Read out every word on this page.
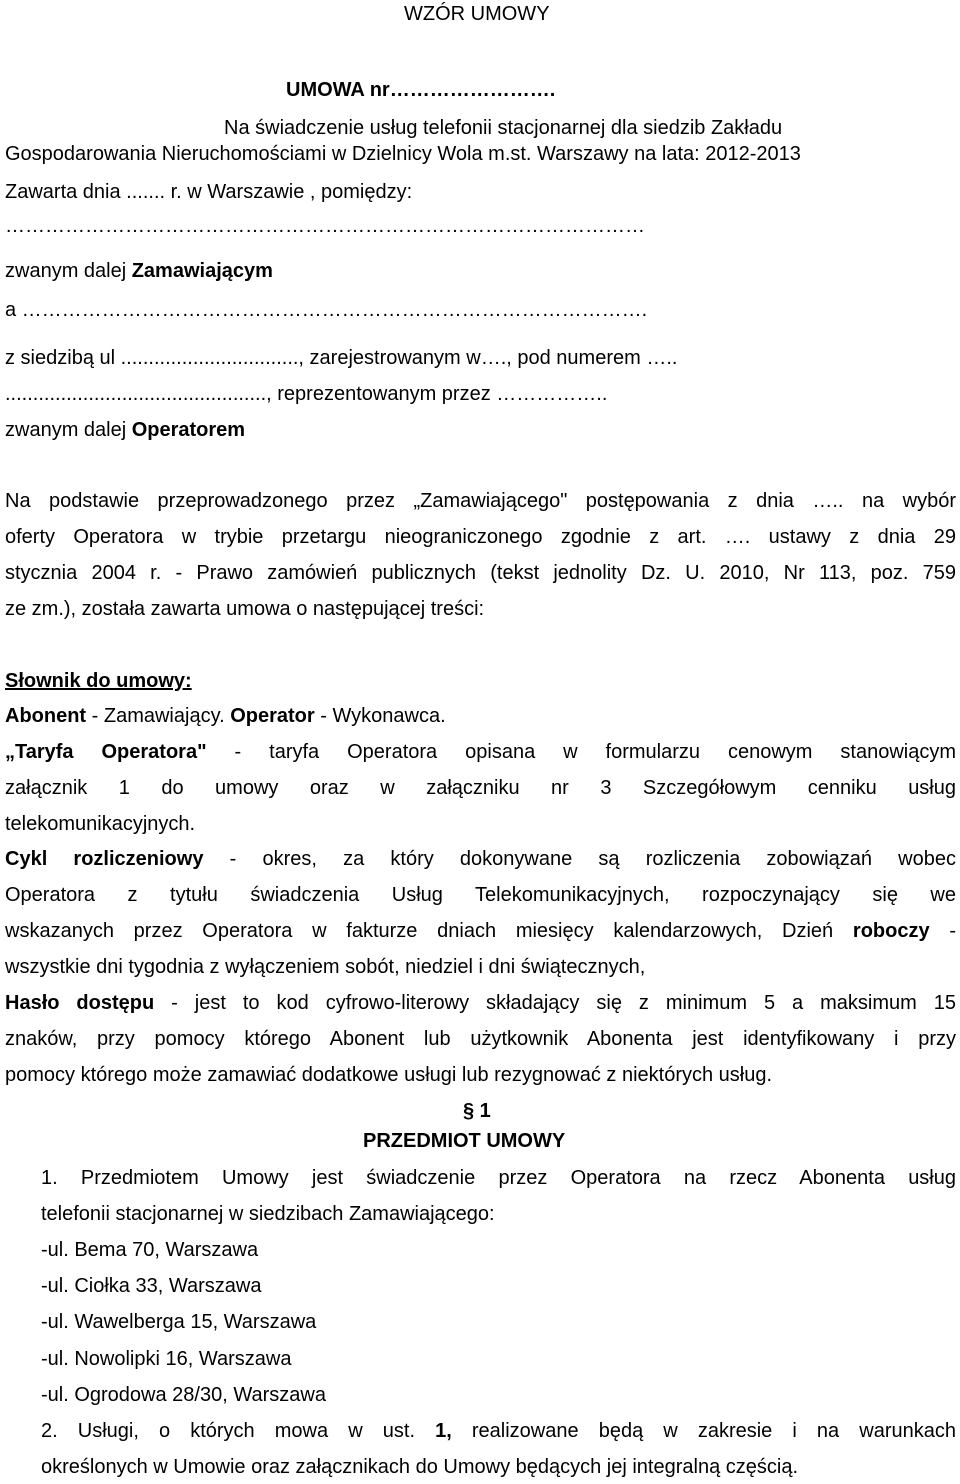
WZÓR UMOWY
UMOWA nr…………………….
Na świadczenie usług telefonii stacjonarnej dla siedzib Zakładu
Gospodarowania Nieruchomościami w Dzielnicy Wola m.st. Warszawy na lata: 2012-2013
Zawarta dnia ....... r. w Warszawie , pomiędzy:
……………………………………………………………………………………
zwanym dalej Zamawiającym
a ………………………………………………………………………………….
z siedzibą ul ................................, zarejestrowanym w…., pod numerem …..
..............................................., reprezentowanym przez ……………..
zwanym dalej Operatorem
Na podstawie przeprowadzonego przez „Zamawiającego" postępowania z dnia ….. na wybór
oferty Operatora w trybie przetargu nieograniczonego zgodnie z art. …. ustawy z dnia 29
stycznia 2004 r. - Prawo zamówień publicznych (tekst jednolity Dz. U. 2010, Nr 113, poz. 759
ze zm.), została zawarta umowa o następującej treści:
Słownik do umowy:
Abonent - Zamawiający. Operator - Wykonawca.
„Taryfa Operatora" - taryfa Operatora opisana w formularzu cenowym stanowiącym
załącznik 1 do umowy oraz w załączniku nr 3 Szczegółowym cenniku usług
telekomunikacyjnych.
Cykl rozliczeniowy - okres, za który dokonywane są rozliczenia zobowiązań wobec
Operatora z tytułu świadczenia Usług Telekomunikacyjnych, rozpoczynający się we
wskazanych przez Operatora w fakturze dniach miesięcy kalendarzowych, Dzień roboczy -
wszystkie dni tygodnia z wyłączeniem sobót, niedziel i dni świątecznych,
Hasło dostępu - jest to kod cyfrowo-literowy składający się z minimum 5 a maksimum 15
znaków, przy pomocy którego Abonent lub użytkownik Abonenta jest identyfikowany i przy
pomocy którego może zamawiać dodatkowe usługi lub rezygnować z niektórych usług.
§ 1
PRZEDMIOT UMOWY
1. Przedmiotem Umowy jest świadczenie przez Operatora na rzecz Abonenta usług
telefonii stacjonarnej w siedzibach Zamawiającego:
-ul. Bema 70, Warszawa
-ul. Ciołka 33, Warszawa
-ul. Wawelberga 15, Warszawa
-ul. Nowolipki 16, Warszawa
-ul. Ogrodowa 28/30, Warszawa
2. Usługi, o których mowa w ust. 1, realizowane będą w zakresie i na warunkach
określonych w Umowie oraz załącznikach do Umowy będących jej integralną częścią.
